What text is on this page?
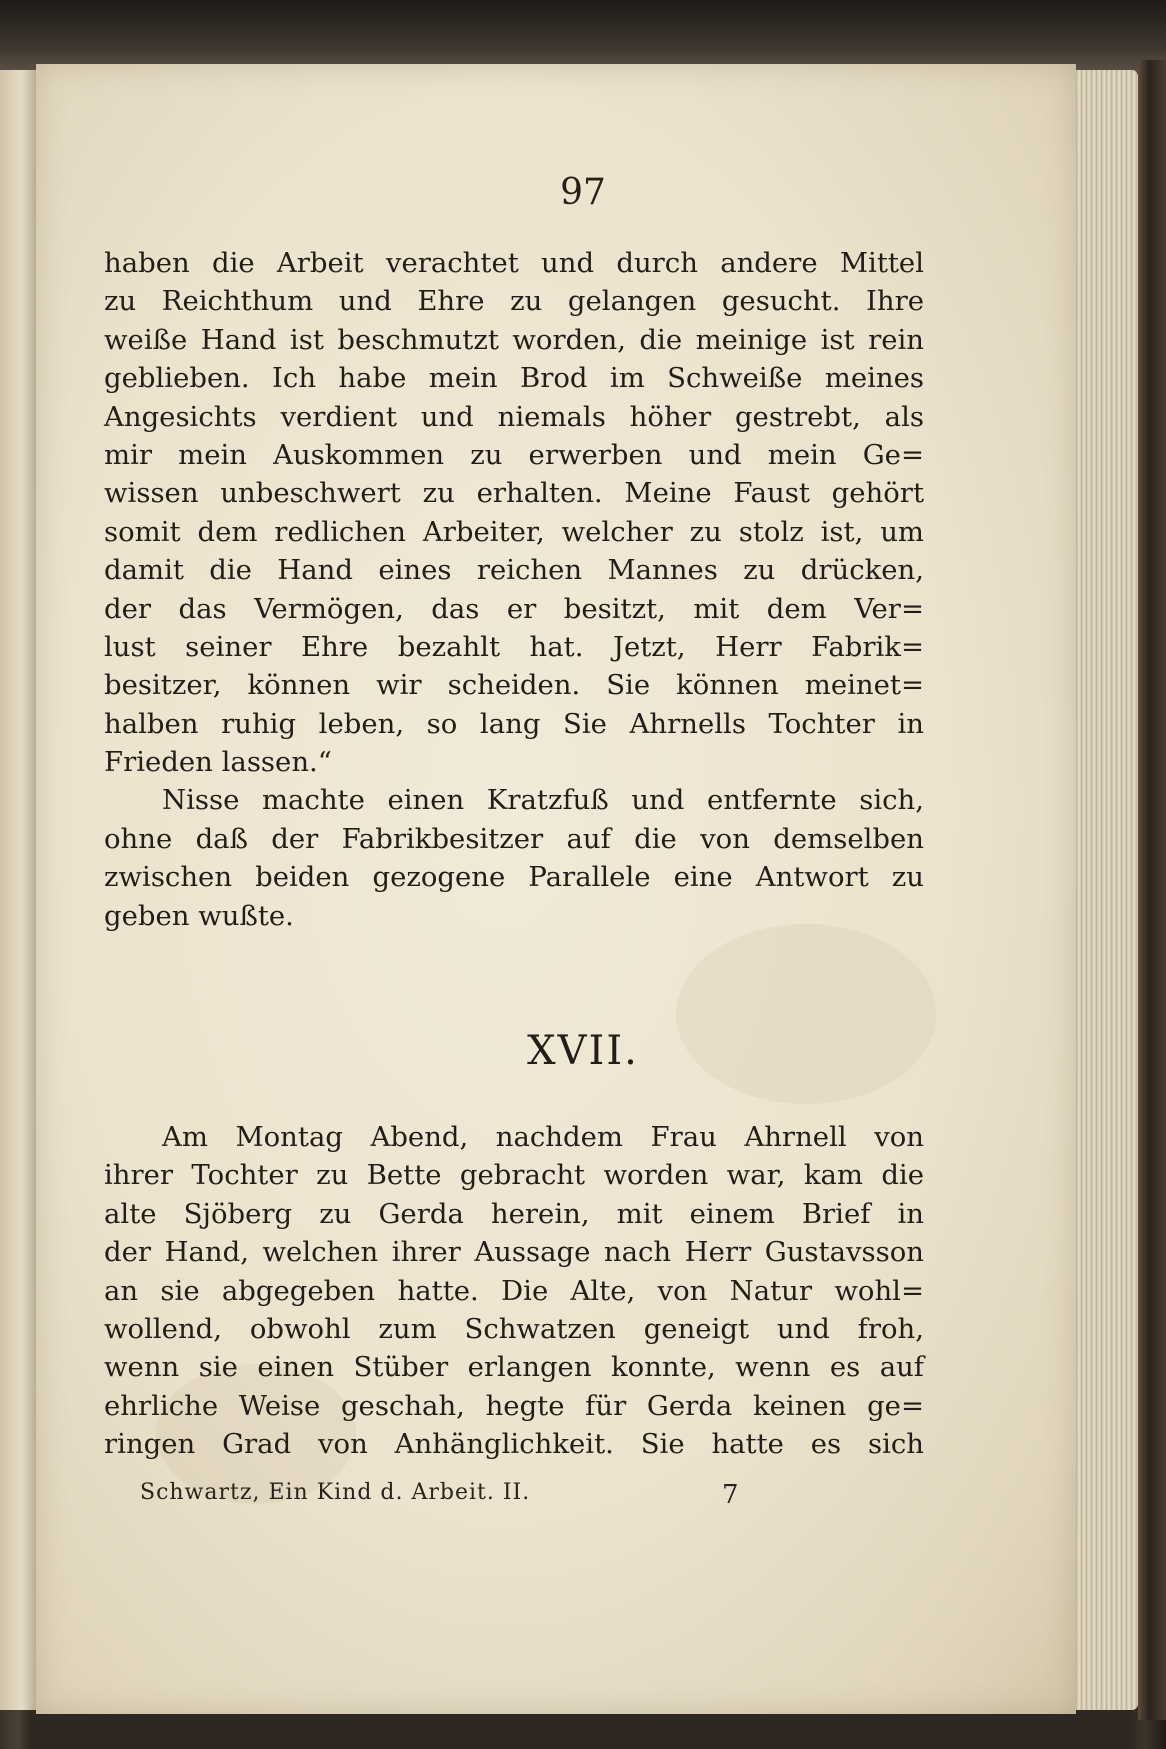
97
haben die Arbeit verachtet und durch andere Mittel
zu Reichthum und Ehre zu gelangen gesucht. Ihre
weiße Hand ist beschmutzt worden, die meinige ist rein
geblieben. Ich habe mein Brod im Schweiße meines
Angesichts verdient und niemals höher gestrebt, als
mir mein Auskommen zu erwerben und mein Ge=
wissen unbeschwert zu erhalten. Meine Faust gehört
somit dem redlichen Arbeiter, welcher zu stolz ist, um
damit die Hand eines reichen Mannes zu drücken,
der das Vermögen, das er besitzt, mit dem Ver=
lust seiner Ehre bezahlt hat. Jetzt, Herr Fabrik=
besitzer, können wir scheiden. Sie können meinet=
halben ruhig leben, so lang Sie Ahrnells Tochter in
Frieden lassen.“
Nisse machte einen Kratzfuß und entfernte sich,
ohne daß der Fabrikbesitzer auf die von demselben
zwischen beiden gezogene Parallele eine Antwort zu
geben wußte.
XVII.
Am Montag Abend, nachdem Frau Ahrnell von
ihrer Tochter zu Bette gebracht worden war, kam die
alte Sjöberg zu Gerda herein, mit einem Brief in
der Hand, welchen ihrer Aussage nach Herr Gustavsson
an sie abgegeben hatte. Die Alte, von Natur wohl=
wollend, obwohl zum Schwatzen geneigt und froh,
wenn sie einen Stüber erlangen konnte, wenn es auf
ehrliche Weise geschah, hegte für Gerda keinen ge=
ringen Grad von Anhänglichkeit. Sie hatte es sich
Schwartz, Ein Kind d. Arbeit. II.	7
